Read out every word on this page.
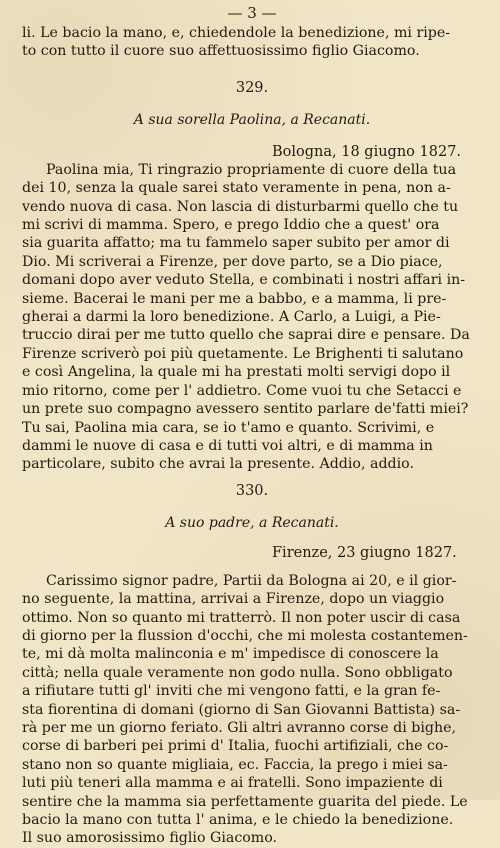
— 3 —
li. Le bacio la mano, e, chiedendole la benedizione, mi ripe-
to con tutto il cuore suo affettuosissimo figlio Giacomo.
329.
A sua sorella Paolina, a Recanati.
Bologna, 18 giugno 1827.
Paolina mia, Ti ringrazio propriamente di cuore della tua
dei 10, senza la quale sarei stato veramente in pena, non a-
vendo nuova di casa. Non lascia di disturbarmi quello che tu
mi scrivi di mamma. Spero, e prego Iddio che a quest' ora
sia guarita affatto; ma tu fammelo saper subito per amor di
Dio. Mi scriverai a Firenze, per dove parto, se a Dio piace,
domani dopo aver veduto Stella, e combinati i nostri affari in-
sieme. Bacerai le mani per me a babbo, e a mamma, li pre-
gherai a darmi la loro benedizione. A Carlo, a Luigi, a Pie-
truccio dirai per me tutto quello che saprai dire e pensare. Da
Firenze scriverò poi più quetamente. Le Brighenti ti salutano
e così Angelina, la quale mi ha prestati molti servigi dopo il
mio ritorno, come per l' addietro. Come vuoi tu che Setacci e
un prete suo compagno avessero sentito parlare de'fatti miei?
Tu sai, Paolina mia cara, se io t'amo e quanto. Scrivimi, e
dammi le nuove di casa e di tutti voi altri, e di mamma in
particolare, subito che avrai la presente. Addio, addio.
330.
A suo padre, a Recanati.
Firenze, 23 giugno 1827.
Carissimo signor padre, Partii da Bologna ai 20, e il gior-
no seguente, la mattina, arrivai a Firenze, dopo un viaggio
ottimo. Non so quanto mi tratterrò. Il non poter uscir di casa
di giorno per la flussion d'occhi, che mi molesta costantemen-
te, mi dà molta malinconia e m' impedisce di conoscere la
città; nella quale veramente non godo nulla. Sono obbligato
a rifiutare tutti gl' inviti che mi vengono fatti, e la gran fe-
sta fiorentina di domani (giorno di San Giovanni Battista) sa-
rà per me un giorno feriato. Gli altri avranno corse di bighe,
corse di barberi pei primi d' Italia, fuochi artifiziali, che co-
stano non so quante migliaia, ec. Faccia, la prego i miei sa-
luti più teneri alla mamma e ai fratelli. Sono impaziente di
sentire che la mamma sia perfettamente guarita del piede. Le
bacio la mano con tutta l' anima, e le chiedo la benedizione.
Il suo amorosissimo figlio Giacomo.
